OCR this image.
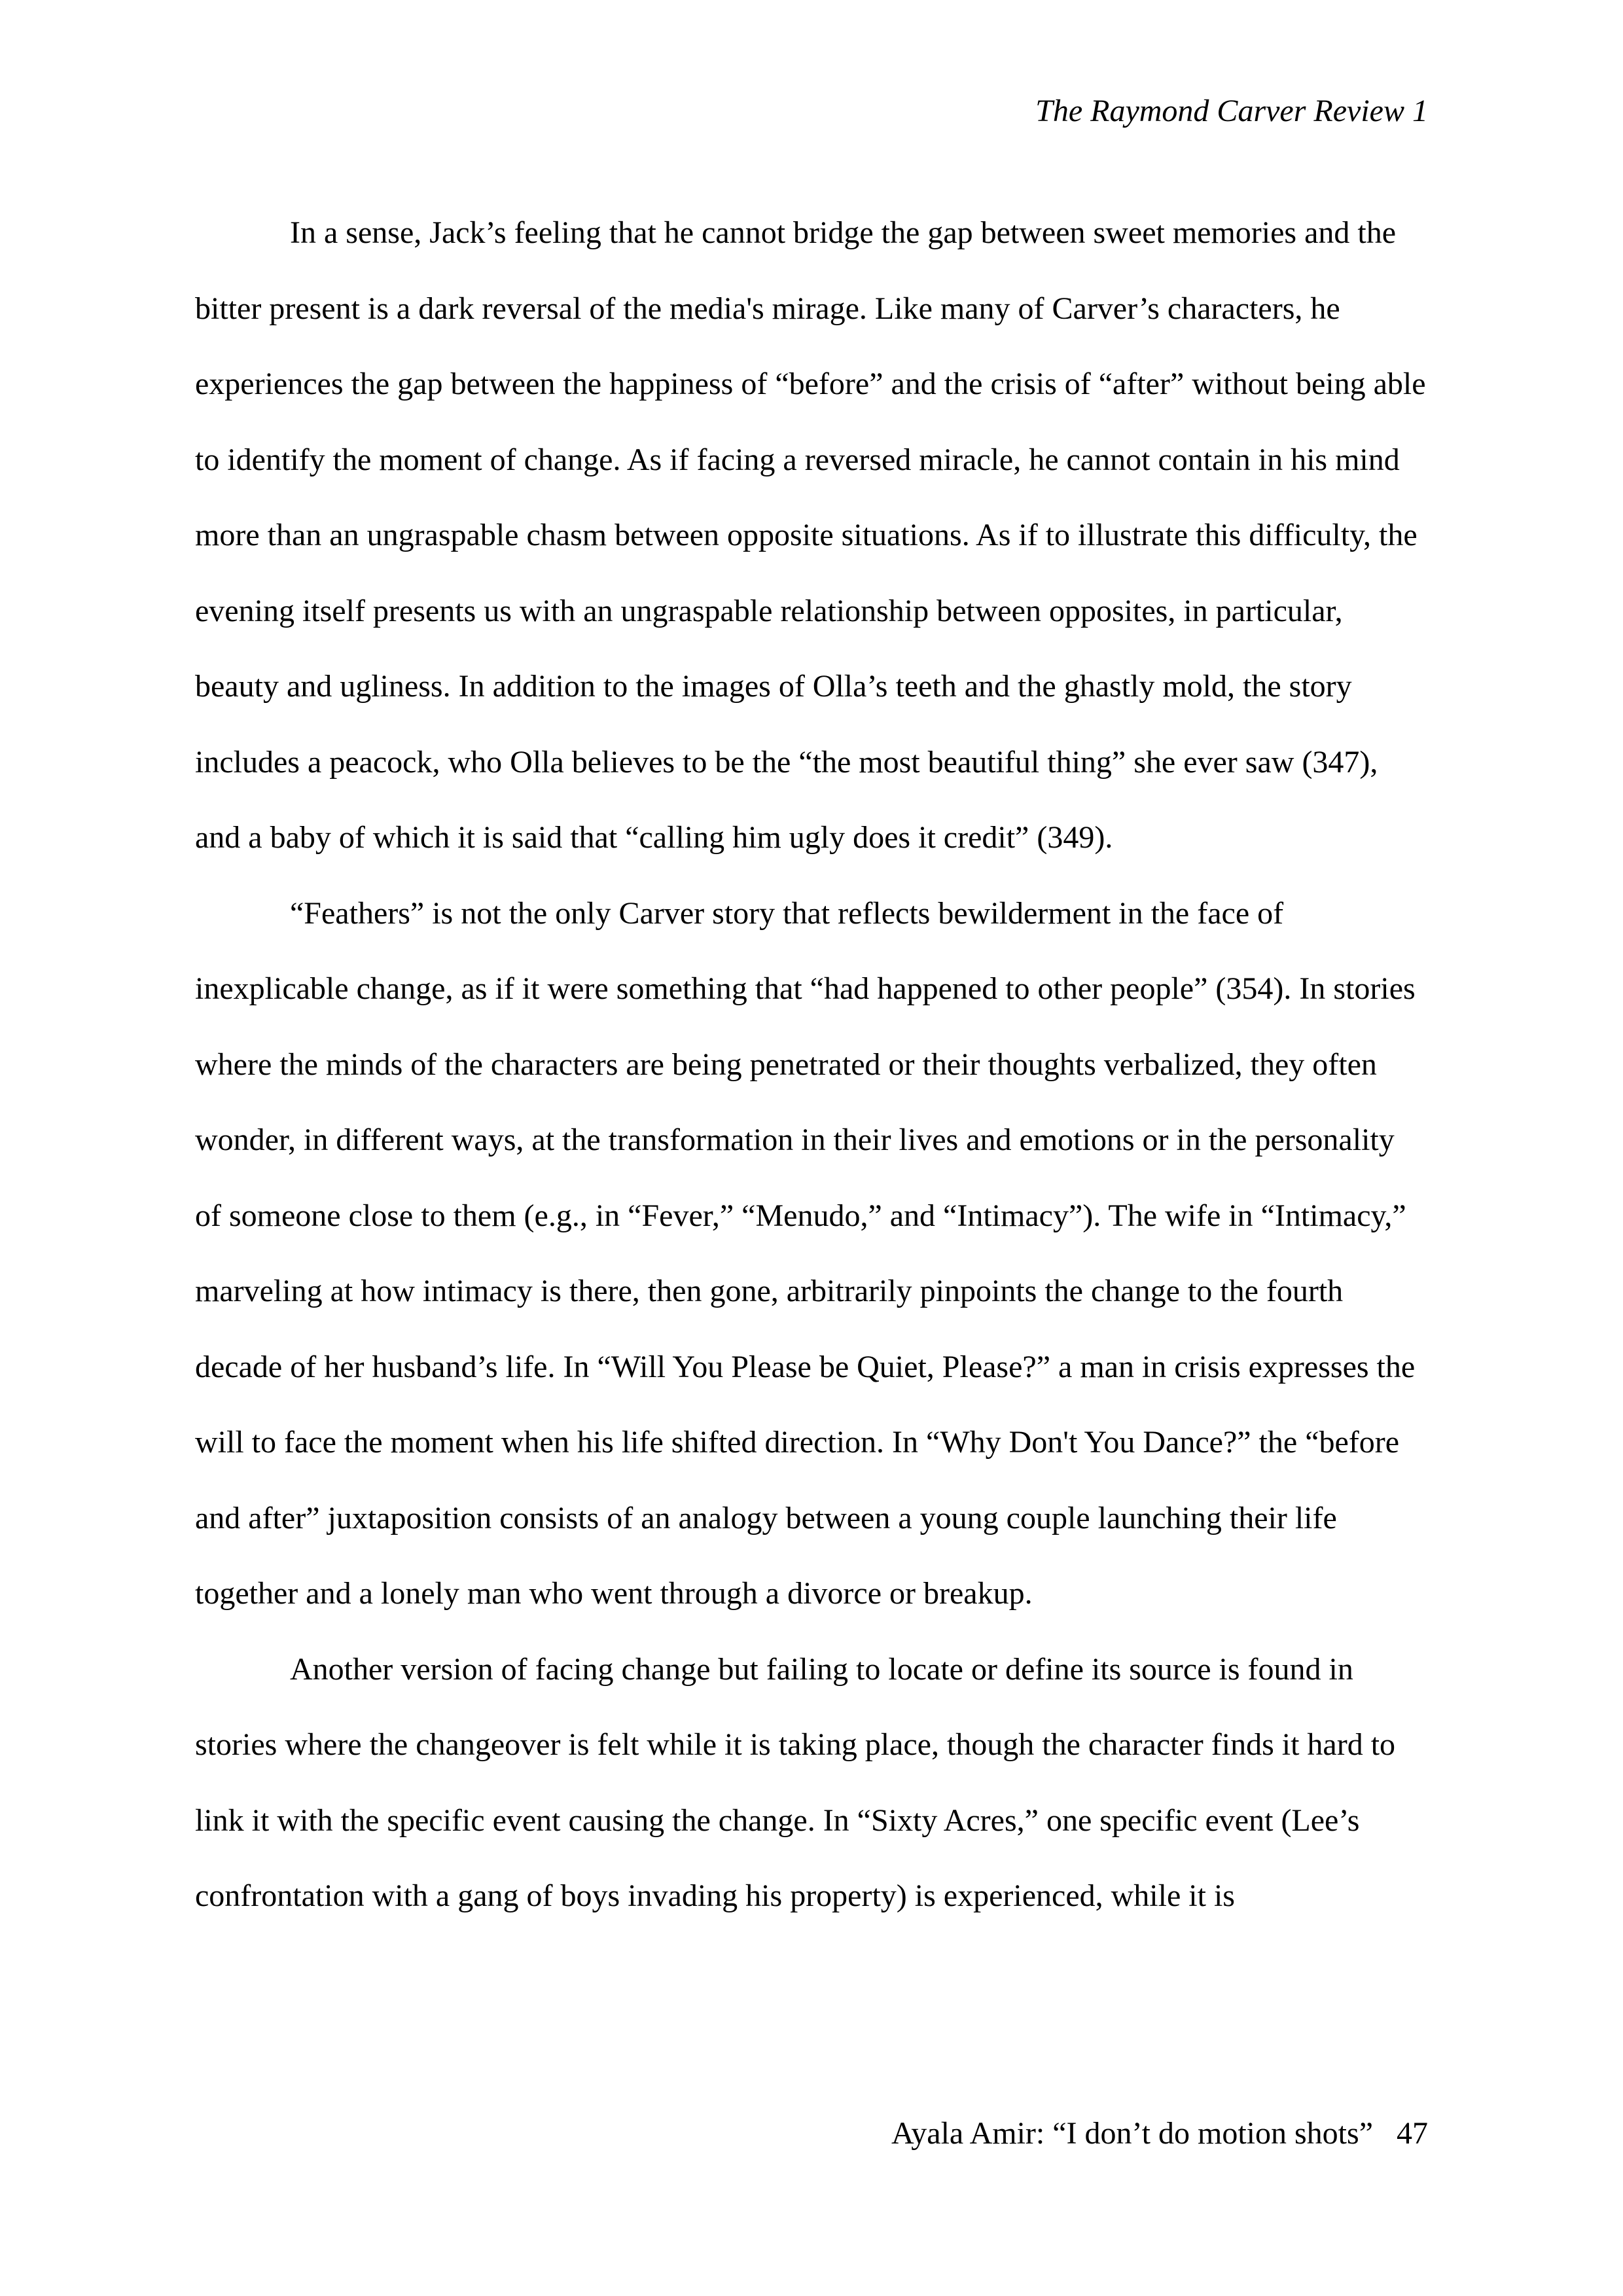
The Raymond Carver Review 1

In a sense, Jack’s feeling that he cannot bridge the gap between sweet memories and the bitter present is a dark reversal of the media's mirage. Like many of Carver’s characters, he experiences the gap between the happiness of “before” and the crisis of “after” without being able to identify the moment of change. As if facing a reversed miracle, he cannot contain in his mind more than an ungraspable chasm between opposite situations. As if to illustrate this difficulty, the evening itself presents us with an ungraspable relationship between opposites, in particular, beauty and ugliness. In addition to the images of Olla’s teeth and the ghastly mold, the story includes a peacock, who Olla believes to be the “the most beautiful thing” she ever saw (347), and a baby of which it is said that “calling him ugly does it credit” (349).

“Feathers” is not the only Carver story that reflects bewilderment in the face of inexplicable change, as if it were something that “had happened to other people” (354). In stories where the minds of the characters are being penetrated or their thoughts verbalized, they often wonder, in different ways, at the transformation in their lives and emotions or in the personality of someone close to them (e.g., in “Fever,” “Menudo,” and “Intimacy”). The wife in “Intimacy,” marveling at how intimacy is there, then gone, arbitrarily pinpoints the change to the fourth decade of her husband’s life. In “Will You Please be Quiet, Please?” a man in crisis expresses the will to face the moment when his life shifted direction. In “Why Don't You Dance?” the “before and after” juxtaposition consists of an analogy between a young couple launching their life together and a lonely man who went through a divorce or breakup.

Another version of facing change but failing to locate or define its source is found in stories where the changeover is felt while it is taking place, though the character finds it hard to link it with the specific event causing the change. In “Sixty Acres,” one specific event (Lee’s confrontation with a gang of boys invading his property) is experienced, while it is

Ayala Amir: “I don’t do motion shots” 47
